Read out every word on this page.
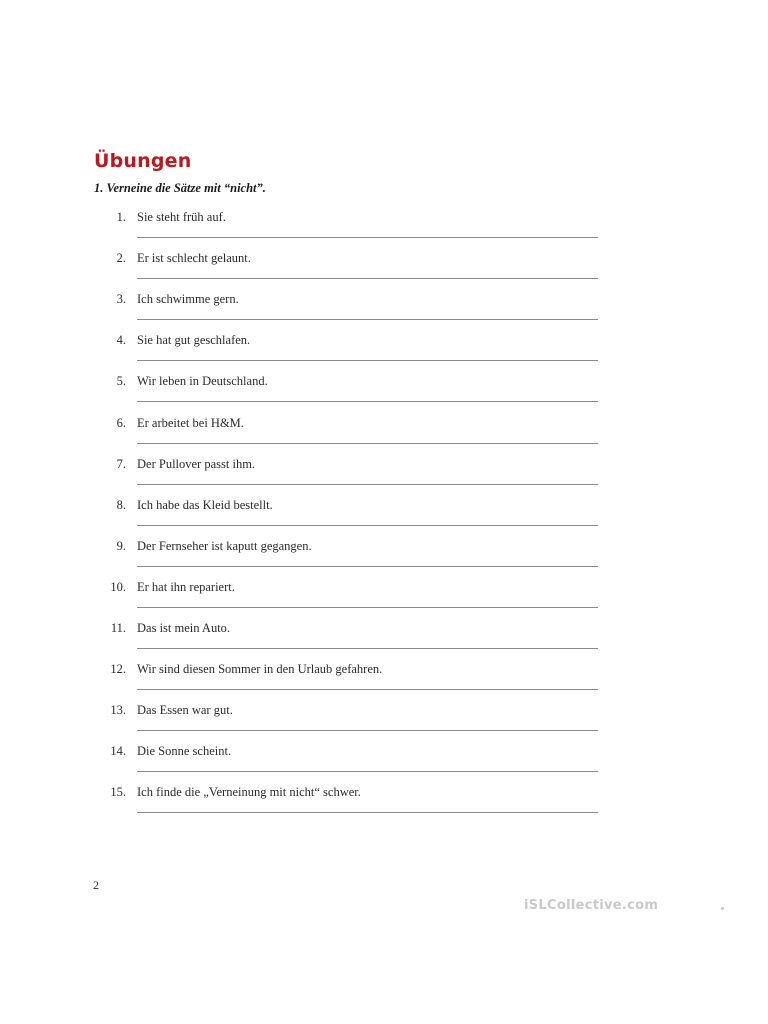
Übungen

1. Verneine die Sätze mit “nicht”.

1. Sie steht früh auf.
2. Er ist schlecht gelaunt.
3. Ich schwimme gern.
4. Sie hat gut geschlafen.
5. Wir leben in Deutschland.
6. Er arbeitet bei H&M.
7. Der Pullover passt ihm.
8. Ich habe das Kleid bestellt.
9. Der Fernseher ist kaputt gegangen.
10. Er hat ihn repariert.
11. Das ist mein Auto.
12. Wir sind diesen Sommer in den Urlaub gefahren.
13. Das Essen war gut.
14. Die Sonne scheint.
15. Ich finde die „Verneinung mit nicht“ schwer.
2
iSLCollective.com
